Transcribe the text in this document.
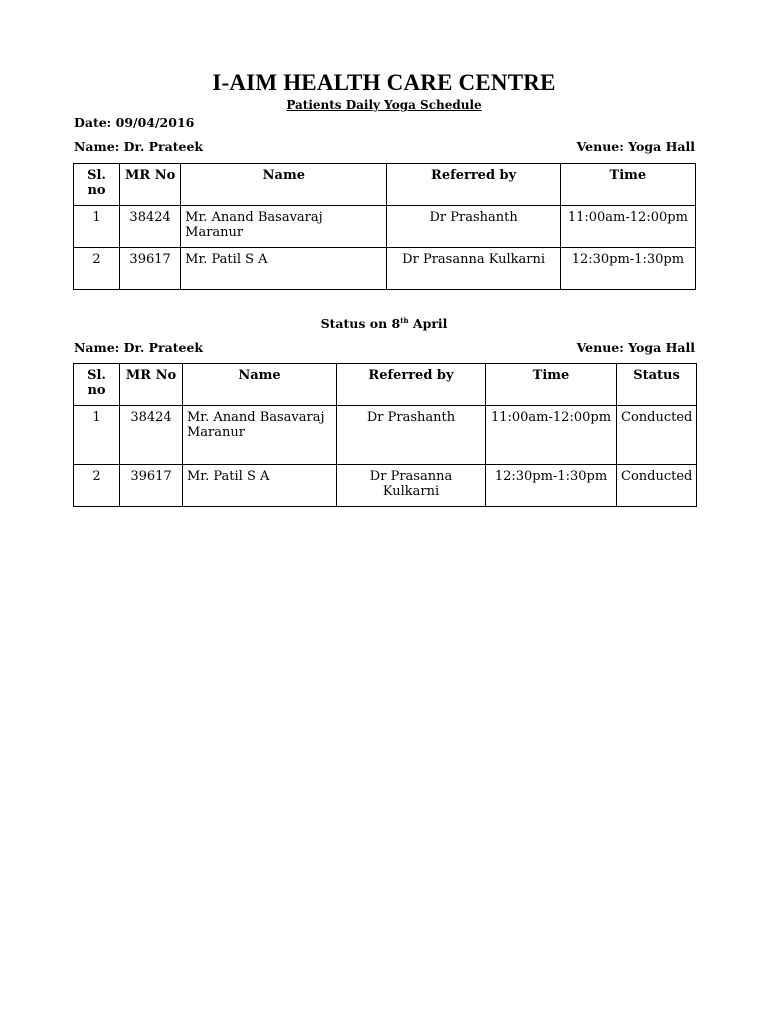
I-AIM HEALTH CARE CENTRE
Patients Daily Yoga Schedule
Date: 09/04/2016
Name: Dr. Prateek	Venue: Yoga Hall
Sl. no	MR No	Name	Referred by	Time
1	38424	Mr. Anand Basavaraj Maranur	Dr Prashanth	11:00am-12:00pm
2	39617	Mr. Patil S A	Dr Prasanna Kulkarni	12:30pm-1:30pm
Status on 8th April
Name: Dr. Prateek	Venue: Yoga Hall
Sl. no	MR No	Name	Referred by	Time	Status
1	38424	Mr. Anand Basavaraj Maranur	Dr Prashanth	11:00am-12:00pm	Conducted
2	39617	Mr. Patil S A	Dr Prasanna Kulkarni	12:30pm-1:30pm	Conducted
